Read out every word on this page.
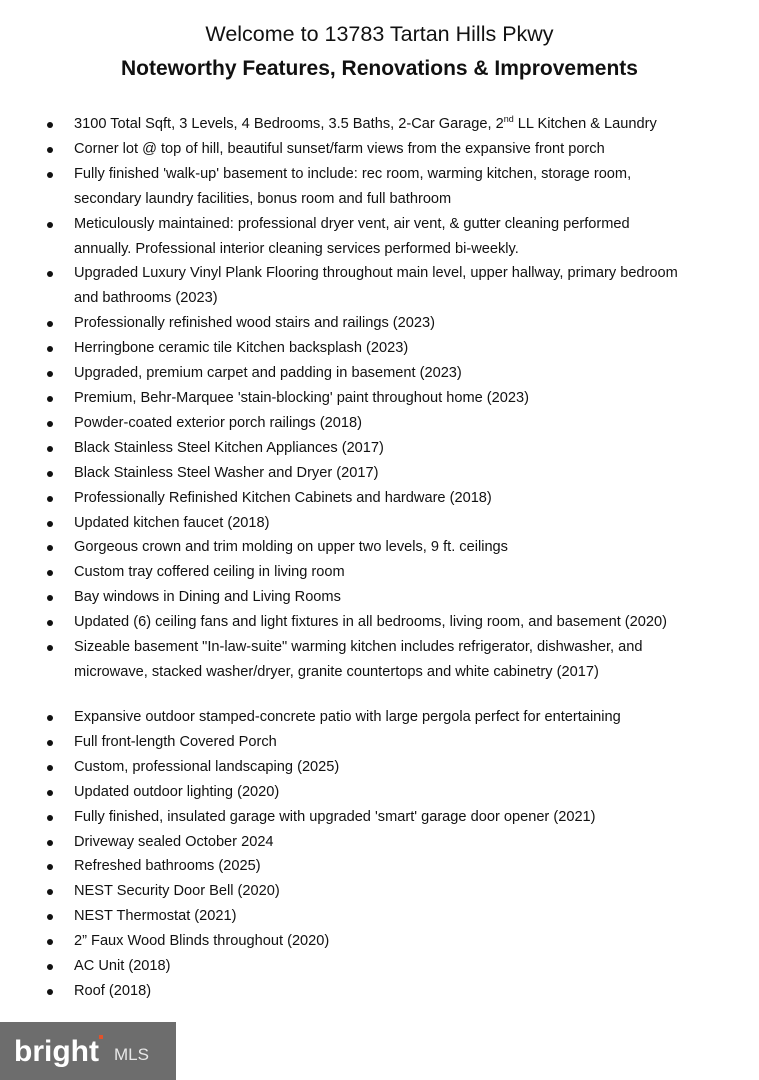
Welcome to 13783 Tartan Hills Pkwy
Noteworthy Features, Renovations & Improvements
3100 Total Sqft, 3 Levels, 4 Bedrooms, 3.5 Baths, 2-Car Garage, 2nd LL Kitchen & Laundry
Corner lot @ top of hill, beautiful sunset/farm views from the expansive front porch
Fully finished 'walk-up' basement to include: rec room, warming kitchen, storage room,
secondary laundry facilities, bonus room and full bathroom
Meticulously maintained: professional dryer vent, air vent, & gutter cleaning performed
annually. Professional interior cleaning services performed bi-weekly.
Upgraded Luxury Vinyl Plank Flooring throughout main level, upper hallway, primary bedroom
and bathrooms (2023)
Professionally refinished wood stairs and railings (2023)
Herringbone ceramic tile Kitchen backsplash (2023)
Upgraded, premium carpet and padding in basement (2023)
Premium, Behr-Marquee 'stain-blocking' paint throughout home (2023)
Powder-coated exterior porch railings (2018)
Black Stainless Steel Kitchen Appliances (2017)
Black Stainless Steel Washer and Dryer (2017)
Professionally Refinished Kitchen Cabinets and hardware (2018)
Updated kitchen faucet (2018)
Gorgeous crown and trim molding on upper two levels, 9 ft. ceilings
Custom tray coffered ceiling in living room
Bay windows in Dining and Living Rooms
Updated (6) ceiling fans and light fixtures in all bedrooms, living room, and basement (2020)
Sizeable basement "In-law-suite" warming kitchen includes refrigerator, dishwasher, and
microwave, stacked washer/dryer, granite countertops and white cabinetry (2017)
Expansive outdoor stamped-concrete patio with large pergola perfect for entertaining
Full front-length Covered Porch
Custom, professional landscaping (2025)
Updated outdoor lighting (2020)
Fully finished, insulated garage with upgraded 'smart' garage door opener (2021)
Driveway sealed October 2024
Refreshed bathrooms (2025)
NEST Security Door Bell (2020)
NEST Thermostat (2021)
2” Faux Wood Blinds throughout (2020)
AC Unit (2018)
Roof (2018)
bright MLS
